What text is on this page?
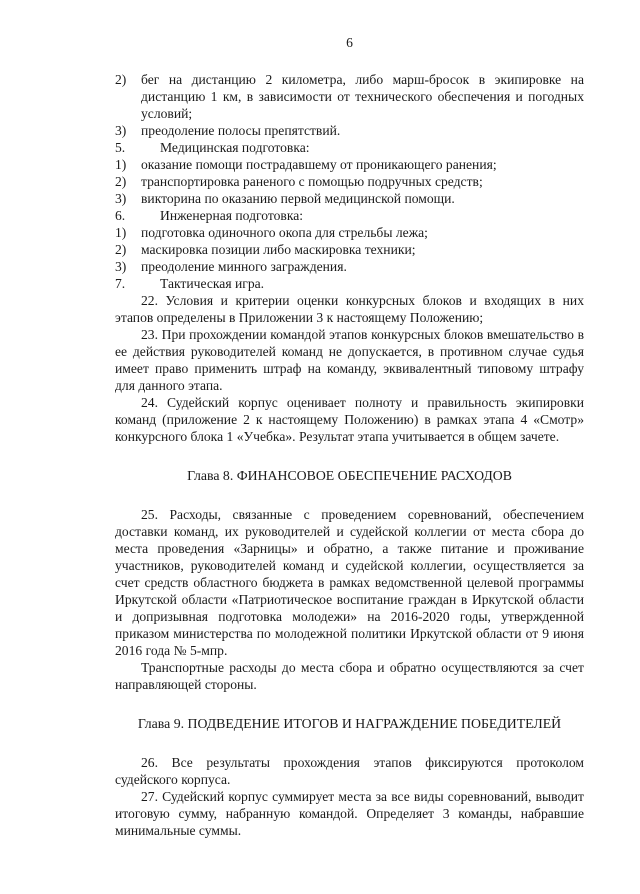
6
2)	бег на дистанцию 2 километра, либо марш-бросок в экипировке на дистанцию 1 км, в зависимости от технического обеспечения и погодных условий;
3)	преодоление полосы препятствий.
5.	Медицинская подготовка:
1)	оказание помощи пострадавшему от проникающего ранения;
2)	транспортировка раненого с помощью подручных средств;
3)	викторина по оказанию первой медицинской помощи.
6.	Инженерная подготовка:
1)	подготовка одиночного окопа для стрельбы лежа;
2)	маскировка позиции либо маскировка техники;
3)	преодоление минного заграждения.
7.	Тактическая игра.

22. Условия и критерии оценки конкурсных блоков и входящих в них этапов определены в Приложении 3 к настоящему Положению;

23. При прохождении командой этапов конкурсных блоков вмешательство в ее действия руководителей команд не допускается, в противном случае судья имеет право применить штраф на команду, эквивалентный типовому штрафу для данного этапа.

24. Судейский корпус оценивает полноту и правильность экипировки команд (приложение 2 к настоящему Положению) в рамках этапа 4 «Смотр» конкурсного блока 1 «Учебка». Результат этапа учитывается в общем зачете.

Глава 8. ФИНАНСОВОЕ ОБЕСПЕЧЕНИЕ РАСХОДОВ

25. Расходы, связанные с проведением соревнований, обеспечением доставки команд, их руководителей и судейской коллегии от места сбора до места проведения «Зарницы» и обратно, а также питание и проживание участников, руководителей команд и судейской коллегии, осуществляется за счет средств областного бюджета в рамках ведомственной целевой программы Иркутской области «Патриотическое воспитание граждан в Иркутской области и допризывная подготовка молодежи» на 2016-2020 годы, утвержденной приказом министерства по молодежной политики Иркутской области от 9 июня 2016 года № 5-мпр.

Транспортные расходы до места сбора и обратно осуществляются за счет направляющей стороны.

Глава 9. ПОДВЕДЕНИЕ ИТОГОВ И НАГРАЖДЕНИЕ ПОБЕДИТЕЛЕЙ

26. Все результаты прохождения этапов фиксируются протоколом судейского корпуса.

27. Судейский корпус суммирует места за все виды соревнований, выводит итоговую сумму, набранную командой. Определяет 3 команды, набравшие минимальные суммы.
